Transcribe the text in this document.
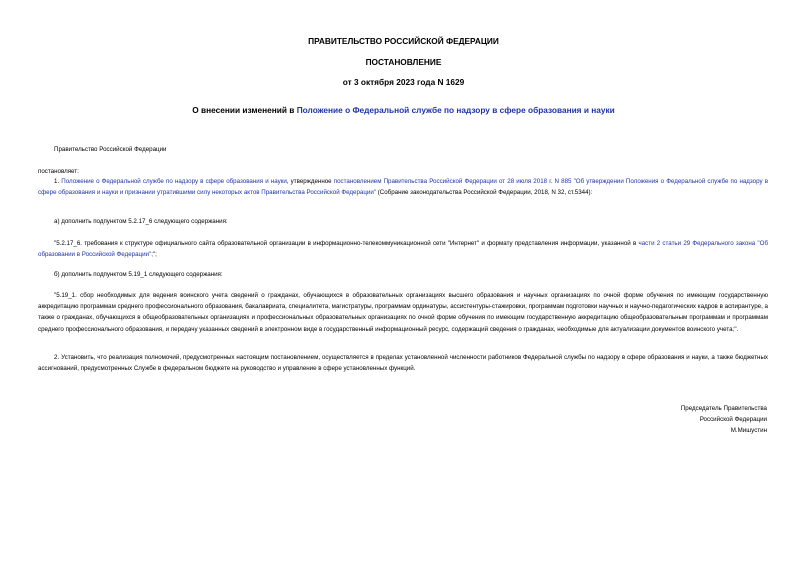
ПРАВИТЕЛЬСТВО РОССИЙСКОЙ ФЕДЕРАЦИИ
ПОСТАНОВЛЕНИЕ
от 3 октября 2023 года N 1629
О внесении изменений в Положение о Федеральной службе по надзору в сфере образования и науки

Правительство Российской Федерации

постановляет:

1. Положение о Федеральной службе по надзору в сфере образования и науки, утвержденное постановлением Правительства Российской Федерации от 28 июля 2018 г. N 885 "Об утверждении Положения о Федеральной службе по надзору в сфере образования и науки и признании утратившими силу некоторых актов Правительства Российской Федерации" (Собрание законодательства Российской Федерации, 2018, N 32, ст.5344):

а) дополнить подпунктом 5.2.17_6 следующего содержания:

"5.2.17_6. требования к структуре официального сайта образовательной организации в информационно-телекоммуникационной сети "Интернет" и формату представления информации, указанной в части 2 статьи 29 Федерального закона "Об образовании в Российской Федерации";";

б) дополнить подпунктом 5.19_1 следующего содержания:

"5.19_1. сбор необходимых для ведения воинского учета сведений о гражданах, обучающихся в образовательных организациях высшего образования и научных организациях по очной форме обучения по имеющим государственную аккредитацию программам среднего профессионального образования, бакалавриата, специалитета, магистратуры, программам ординатуры, ассистентуры-стажировки, программам подготовки научных и научно-педагогических кадров в аспирантуре, а также о гражданах, обучающихся в общеобразовательных организациях и профессиональных образовательных организациях по очной форме обучения по имеющим государственную аккредитацию общеобразовательным программам и программам среднего профессионального образования, и передачу указанных сведений в электронном виде в государственный информационный ресурс, содержащий сведения о гражданах, необходимые для актуализации документов воинского учета;".

2. Установить, что реализация полномочий, предусмотренных настоящим постановлением, осуществляется в пределах установленной численности работников Федеральной службы по надзору в сфере образования и науки, а также бюджетных ассигнований, предусмотренных Службе в федеральном бюджете на руководство и управление в сфере установленных функций.

Председатель Правительства
Российской Федерации
М.Мишустин
